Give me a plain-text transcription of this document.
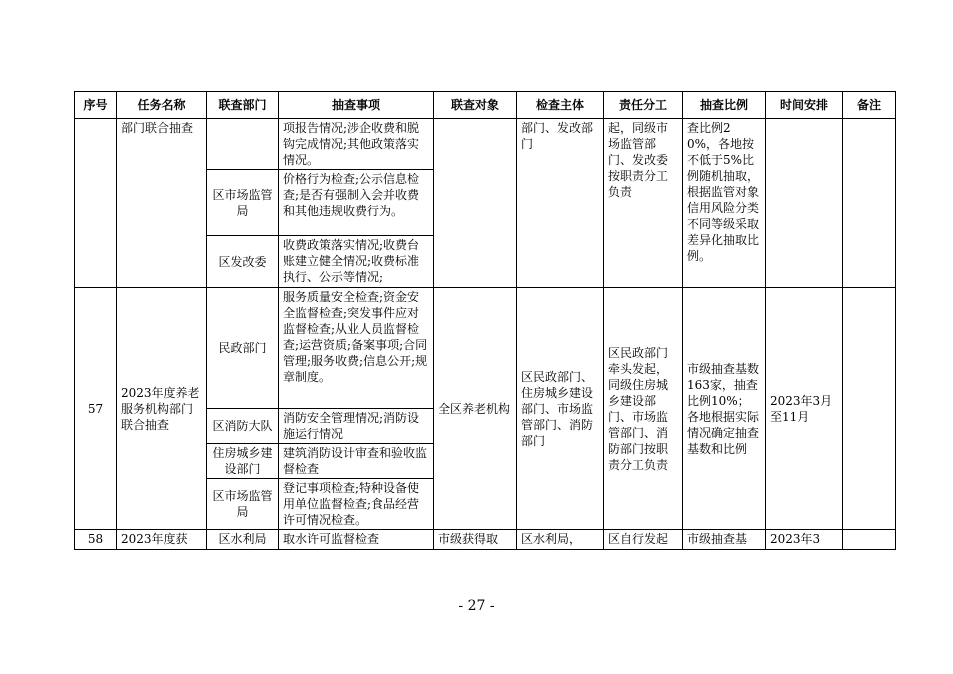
序号	任务名称	联查部门	抽查事项	联查对象	检查主体	责任分工	抽查比例	时间安排	备注
	部门联合抽查		项报告情况;涉企收费和脱钩完成情况;其他政策落实情况。		部门、发改部门	起，同级市场监管部门、发改委按职责分工负责	查比例20%，各地按不低于5%比例随机抽取，根据监管对象信用风险分类不同等级采取差异化抽取比例。		
		区市场监管局	价格行为检查;公示信息检查;是否有强制入会并收费和其他违规收费行为。						
		区发改委	收费政策落实情况;收费台账建立健全情况;收费标准执行、公示等情况;						
57	2023年度养老服务机构部门联合抽查	民政部门	服务质量安全检查;资金安全监督检查;突发事件应对监督检查;从业人员监督检查;运营资质;备案事项;合同管理;服务收费;信息公开;规章制度。	全区养老机构	区民政部门、住房城乡建设部门、市场监管部门、消防部门	区民政部门牵头发起，同级住房城乡建设部门、市场监管部门、消防部门按职责分工负责	市级抽查基数163家，抽查比例10%；各地根据实际情况确定抽查基数和比例	2023年3月至11月	
		区消防大队	消防安全管理情况;消防设施运行情况						
		住房城乡建设部门	建筑消防设计审查和验收监督检查						
		区市场监管局	登记事项检查;特种设备使用单位监督检查;食品经营许可情况检查。						
58	2023年度获	区水利局	取水许可监督检查	市级获得取	区水利局，	区自行发起	市级抽查基	2023年3	
- 27 -
